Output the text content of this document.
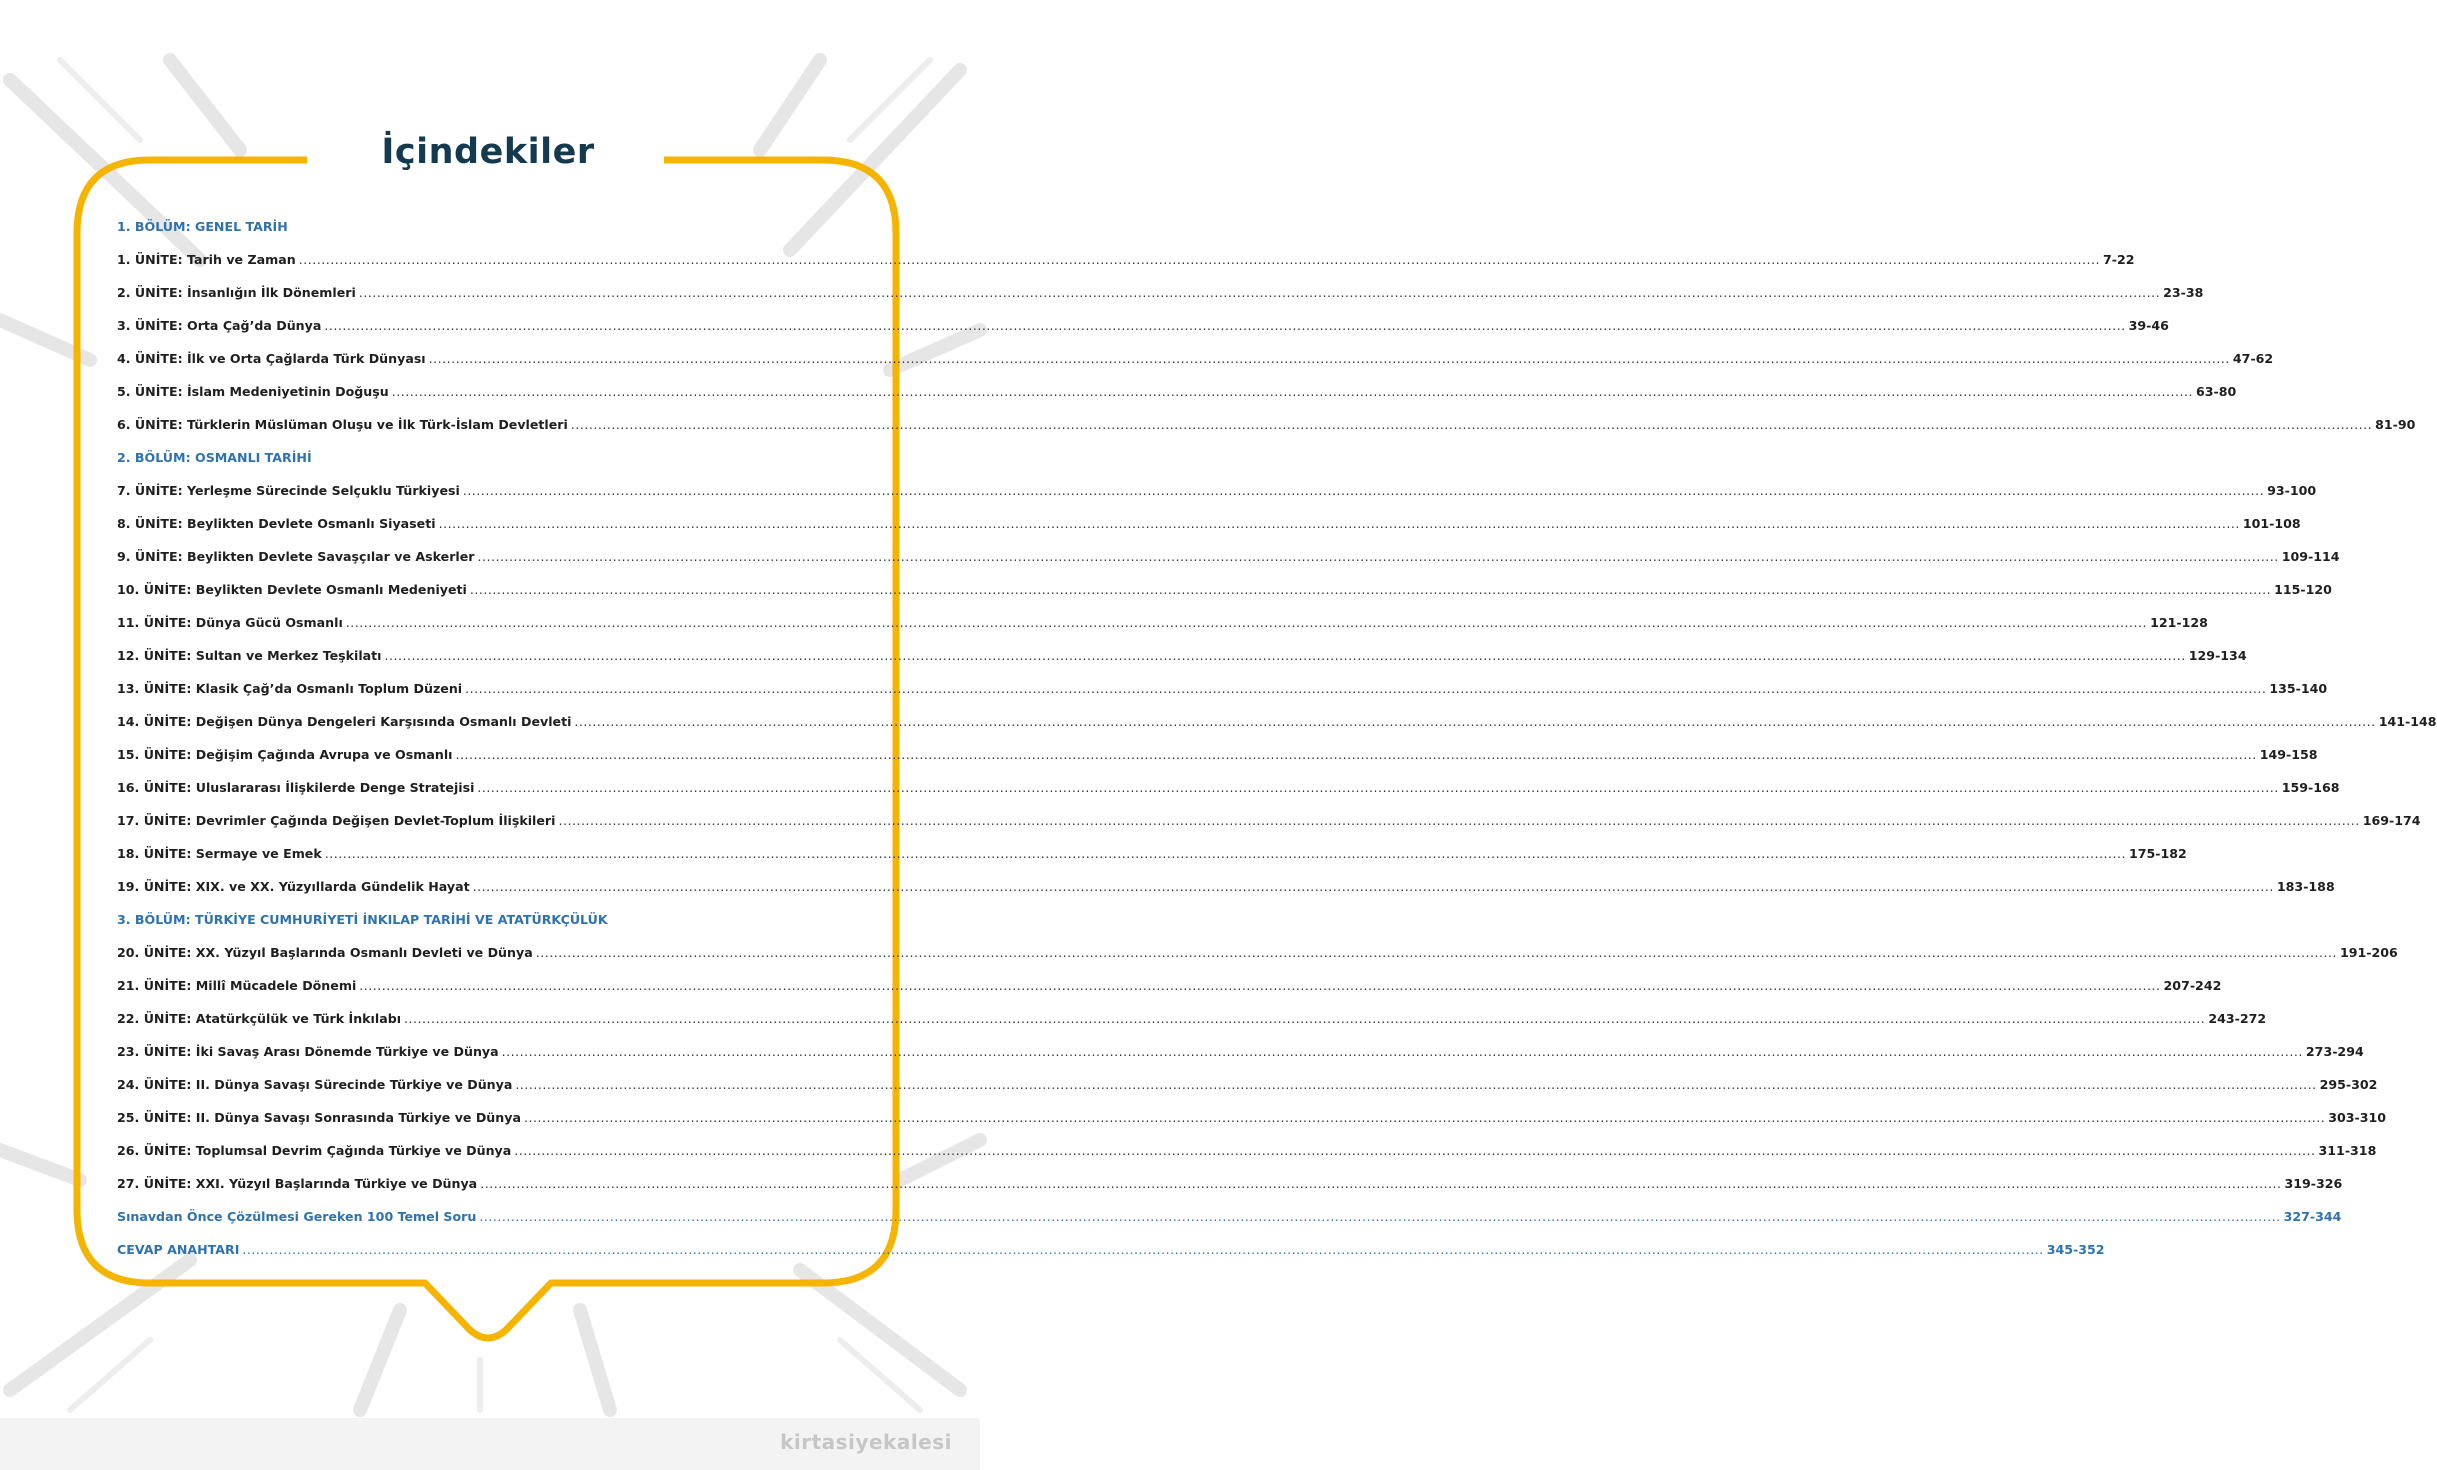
İçindekiler
1. BÖLÜM: GENEL TARİH
1. ÜNİTE: Tarih ve Zaman ................................................................................................................................................................................................................................................................................................................................................................................................................ 7-22
2. ÜNİTE: İnsanlığın İlk Dönemleri ................................................................................................................................................................................................................................................................................................................................................................................................................ 23-38
3. ÜNİTE: Orta Çağ’da Dünya ................................................................................................................................................................................................................................................................................................................................................................................................................ 39-46
4. ÜNİTE: İlk ve Orta Çağlarda Türk Dünyası ................................................................................................................................................................................................................................................................................................................................................................................................................ 47-62
5. ÜNİTE: İslam Medeniyetinin Doğuşu ................................................................................................................................................................................................................................................................................................................................................................................................................ 63-80
6. ÜNİTE: Türklerin Müslüman Oluşu ve İlk Türk-İslam Devletleri ................................................................................................................................................................................................................................................................................................................................................................................................................ 81-90
2. BÖLÜM: OSMANLI TARİHİ
7. ÜNİTE: Yerleşme Sürecinde Selçuklu Türkiyesi ................................................................................................................................................................................................................................................................................................................................................................................................................ 93-100
8. ÜNİTE: Beylikten Devlete Osmanlı Siyaseti ................................................................................................................................................................................................................................................................................................................................................................................................................ 101-108
9. ÜNİTE: Beylikten Devlete Savaşçılar ve Askerler ................................................................................................................................................................................................................................................................................................................................................................................................................ 109-114
10. ÜNİTE: Beylikten Devlete Osmanlı Medeniyeti ................................................................................................................................................................................................................................................................................................................................................................................................................ 115-120
11. ÜNİTE: Dünya Gücü Osmanlı ................................................................................................................................................................................................................................................................................................................................................................................................................ 121-128
12. ÜNİTE: Sultan ve Merkez Teşkilatı ................................................................................................................................................................................................................................................................................................................................................................................................................ 129-134
13. ÜNİTE: Klasik Çağ’da Osmanlı Toplum Düzeni ................................................................................................................................................................................................................................................................................................................................................................................................................ 135-140
14. ÜNİTE: Değişen Dünya Dengeleri Karşısında Osmanlı Devleti ................................................................................................................................................................................................................................................................................................................................................................................................................ 141-148
15. ÜNİTE: Değişim Çağında Avrupa ve Osmanlı ................................................................................................................................................................................................................................................................................................................................................................................................................ 149-158
16. ÜNİTE: Uluslararası İlişkilerde Denge Stratejisi ................................................................................................................................................................................................................................................................................................................................................................................................................ 159-168
17. ÜNİTE: Devrimler Çağında Değişen Devlet-Toplum İlişkileri ................................................................................................................................................................................................................................................................................................................................................................................................................ 169-174
18. ÜNİTE: Sermaye ve Emek ................................................................................................................................................................................................................................................................................................................................................................................................................ 175-182
19. ÜNİTE: XIX. ve XX. Yüzyıllarda Gündelik Hayat ................................................................................................................................................................................................................................................................................................................................................................................................................ 183-188
3. BÖLÜM: TÜRKİYE CUMHURİYETİ İNKILAP TARİHİ VE ATATÜRKÇÜLÜK
20. ÜNİTE: XX. Yüzyıl Başlarında Osmanlı Devleti ve Dünya ................................................................................................................................................................................................................................................................................................................................................................................................................ 191-206
21. ÜNİTE: Millî Mücadele Dönemi ................................................................................................................................................................................................................................................................................................................................................................................................................ 207-242
22. ÜNİTE: Atatürkçülük ve Türk İnkılabı ................................................................................................................................................................................................................................................................................................................................................................................................................ 243-272
23. ÜNİTE: İki Savaş Arası Dönemde Türkiye ve Dünya ................................................................................................................................................................................................................................................................................................................................................................................................................ 273-294
24. ÜNİTE: II. Dünya Savaşı Sürecinde Türkiye ve Dünya ................................................................................................................................................................................................................................................................................................................................................................................................................ 295-302
25. ÜNİTE: II. Dünya Savaşı Sonrasında Türkiye ve Dünya ................................................................................................................................................................................................................................................................................................................................................................................................................ 303-310
26. ÜNİTE: Toplumsal Devrim Çağında Türkiye ve Dünya ................................................................................................................................................................................................................................................................................................................................................................................................................ 311-318
27. ÜNİTE: XXI. Yüzyıl Başlarında Türkiye ve Dünya ................................................................................................................................................................................................................................................................................................................................................................................................................ 319-326
Sınavdan Önce Çözülmesi Gereken 100 Temel Soru ................................................................................................................................................................................................................................................................................................................................................................................................................ 327-344
CEVAP ANAHTARI ................................................................................................................................................................................................................................................................................................................................................................................................................ 345-352
kirtasiyekalesi
